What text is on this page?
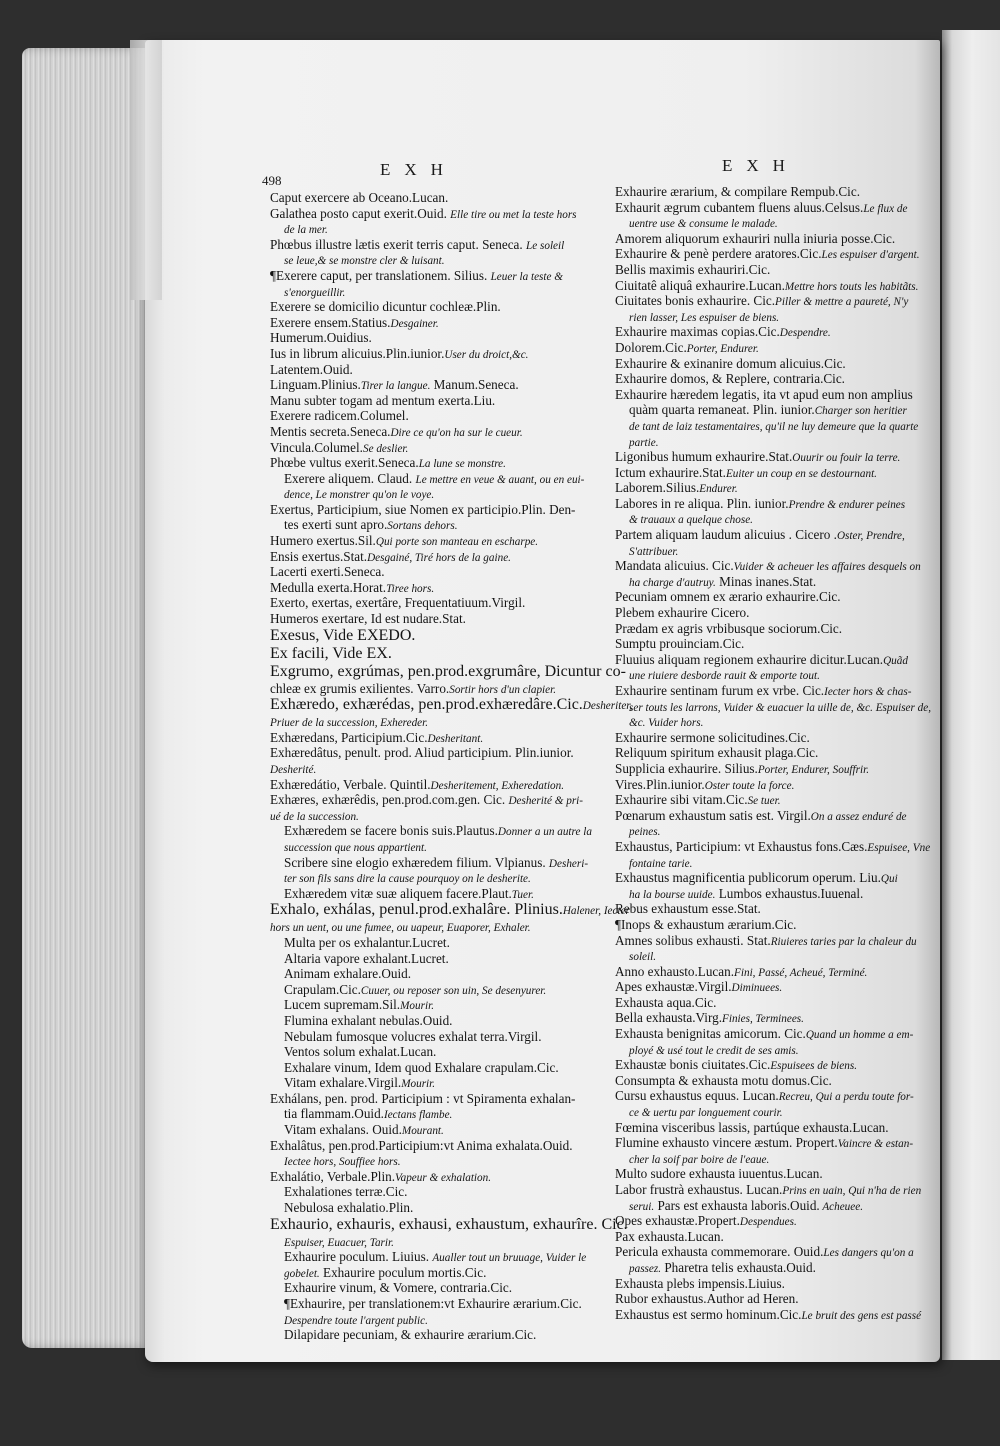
498
EXH	EXH
Caput exercere ab Oceano.Lucan.
Galathea posto caput exerit.Ouid. Elle tire ou met la teste hors
de la mer.
Phœbus illustre lætis exerit terris caput. Seneca. Le soleil
se leue,& se monstre cler & luisant.
¶Exerere caput, per translationem. Silius. Leuer la teste &
s'enorgueillir.
Exerere se domicilio dicuntur cochleæ.Plin.
Exerere ensem.Statius.Desgainer.
Humerum.Ouidius.
Ius in librum alicuius.Plin.iunior.User du droict,&c.
Latentem.Ouid.
Linguam.Plinius.Tirer la langue. Manum.Seneca.
Manu subter togam ad mentum exerta.Liu.
Exerere radicem.Columel.
Mentis secreta.Seneca.Dire ce qu'on ha sur le cueur.
Vincula.Columel.Se deslier.
Phœbe vultus exerit.Seneca.La lune se monstre.
Exerere aliquem. Claud. Le mettre en veue & auant, ou en eui-
dence, Le monstrer qu'on le voye.
Exertus, Participium, siue Nomen ex participio.Plin. Den-
tes exerti sunt apro.Sortans dehors.
Humero exertus.Sil.Qui porte son manteau en escharpe.
Ensis exertus.Stat.Desgainé, Tiré hors de la gaine.
Lacerti exerti.Seneca.
Medulla exerta.Horat.Tiree hors.
Exerto, exertas, exertâre, Frequentatiuum.Virgil.
Humeros exertare, Id est nudare.Stat.
Exesus, Vide EXEDO.
Ex facili, Vide EX.
Exgrumo, exgrúmas, pen.prod.exgrumâre, Dicuntur co-
chleæ ex grumis exilientes. Varro.Sortir hors d'un clapier.
Exhæredo, exhærédas, pen.prod.exhæredâre.Cic.Desheriter,
Priuer de la succession, Exhereder.
Exhæredans, Participium.Cic.Desheritant.
Exhæredâtus, penult. prod. Aliud participium. Plin.iunior.
Desherité.
Exhæredátio, Verbale. Quintil.Desheritement, Exheredation.
Exhæres, exhærêdis, pen.prod.com.gen. Cic. Desherité & pri-
ué de la succession.
Exhæredem se facere bonis suis.Plautus.Donner a un autre la
succession que nous appartient.
Scribere sine elogio exhæredem filium. Vlpianus. Desheri-
ter son fils sans dire la cause pourquoy on le desherite.
Exhæredem vitæ suæ aliquem facere.Plaut.Tuer.
Exhalo, exhálas, penul.prod.exhalâre. Plinius.Halener, Iecter
hors un uent, ou une fumee, ou uapeur, Euaporer, Exhaler.
Multa per os exhalantur.Lucret.
Altaria vapore exhalant.Lucret.
Animam exhalare.Ouid.
Crapulam.Cic.Cuuer, ou reposer son uin, Se desenyurer.
Lucem supremam.Sil.Mourir.
Flumina exhalant nebulas.Ouid.
Nebulam fumosque volucres exhalat terra.Virgil.
Ventos solum exhalat.Lucan.
Exhalare vinum, Idem quod Exhalare crapulam.Cic.
Vitam exhalare.Virgil.Mourir.
Exhálans, pen. prod. Participium : vt Spiramenta exhalan-
tia flammam.Ouid.Iectans flambe.
Vitam exhalans. Ouid.Mourant.
Exhalâtus, pen.prod.Participium:vt Anima exhalata.Ouid.
Iectee hors, Souffiee hors.
Exhalátio, Verbale.Plin.Vapeur & exhalation.
Exhalationes terræ.Cic.
Nebulosa exhalatio.Plin.
Exhaurio, exhauris, exhausi, exhaustum, exhaurîre. Cic.
Espuiser, Euacuer, Tarir.
Exhaurire poculum. Liuius. Aualler tout un bruuage, Vuider le
gobelet. Exhaurire poculum mortis.Cic.
Exhaurire vinum, & Vomere, contraria.Cic.
¶Exhaurire, per translationem:vt Exhaurire ærarium.Cic.
Despendre toute l'argent public.
Dilapidare pecuniam, & exhaurire ærarium.Cic.
Exhaurire ærarium, & compilare Rempub.Cic.
Exhaurit ægrum cubantem fluens aluus.Celsus.Le flux de
uentre use & consume le malade.
Amorem aliquorum exhauriri nulla iniuria posse.Cic.
Exhaurire & penè perdere aratores.Cic.Les espuiser d'argent.
Bellis maximis exhauriri.Cic.
Ciuitatê aliquâ exhaurire.Lucan.Mettre hors touts les habitãts.
Ciuitates bonis exhaurire. Cic.Piller & mettre a paureté, N'y
rien lasser, Les espuiser de biens.
Exhaurire maximas copias.Cic.Despendre.
Dolorem.Cic.Porter, Endurer.
Exhaurire & exinanire domum alicuius.Cic.
Exhaurire domos, & Replere, contraria.Cic.
Exhaurire hæredem legatis, ita vt apud eum non amplius
quàm quarta remaneat. Plin. iunior.Charger son heritier
de tant de laiz testamentaires, qu'il ne luy demeure que la quarte
partie.
Ligonibus humum exhaurire.Stat.Ouurir ou fouir la terre.
Ictum exhaurire.Stat.Euiter un coup en se destournant.
Laborem.Silius.Endurer.
Labores in re aliqua. Plin. iunior.Prendre & endurer peines
& trauaux a quelque chose.
Partem aliquam laudum alicuius . Cicero .Oster, Prendre,
S'attribuer.
Mandata alicuius. Cic.Vuider & acheuer les affaires desquels on
ha charge d'autruy. Minas inanes.Stat.
Pecuniam omnem ex ærario exhaurire.Cic.
Plebem exhaurire Cicero.
Prædam ex agris vrbibusque sociorum.Cic.
Sumptu prouinciam.Cic.
Fluuius aliquam regionem exhaurire dicitur.Lucan.Quãd
une riuiere desborde rauit & emporte tout.
Exhaurire sentinam furum ex vrbe. Cic.Iecter hors & chas-
ser touts les larrons, Vuider & euacuer la uille de, &c. Espuiser de,
&c. Vuider hors.
Exhaurire sermone solicitudines.Cic.
Reliquum spiritum exhausit plaga.Cic.
Supplicia exhaurire. Silius.Porter, Endurer, Souffrir.
Vires.Plin.iunior.Oster toute la force.
Exhaurire sibi vitam.Cic.Se tuer.
Pœnarum exhaustum satis est. Virgil.On a assez enduré de
peines.
Exhaustus, Participium: vt Exhaustus fons.Cæs.Espuisee, Vne
fontaine tarie.
Exhaustus magnificentia publicorum operum. Liu.Qui
ha la bourse uuide. Lumbos exhaustus.Iuuenal.
Rebus exhaustum esse.Stat.
¶Inops & exhaustum ærarium.Cic.
Amnes solibus exhausti. Stat.Riuieres taries par la chaleur du
soleil.
Anno exhausto.Lucan.Fini, Passé, Acheué, Terminé.
Apes exhaustæ.Virgil.Diminuees.
Exhausta aqua.Cic.
Bella exhausta.Virg.Finies, Terminees.
Exhausta benignitas amicorum. Cic.Quand un homme a em-
ployé & usé tout le credit de ses amis.
Exhaustæ bonis ciuitates.Cic.Espuisees de biens.
Consumpta & exhausta motu domus.Cic.
Cursu exhaustus equus. Lucan.Recreu, Qui a perdu toute for-
ce & uertu par longuement courir.
Fœmina visceribus lassis, partúque exhausta.Lucan.
Flumine exhausto vincere æstum. Propert.Vaincre & estan-
cher la soif par boire de l'eaue.
Multo sudore exhausta iuuentus.Lucan.
Labor frustrà exhaustus. Lucan.Prins en uain, Qui n'ha de rien
serui. Pars est exhausta laboris.Ouid. Acheuee.
Opes exhaustæ.Propert.Despendues.
Pax exhausta.Lucan.
Pericula exhausta commemorare. Ouid.Les dangers qu'on a
passez. Pharetra telis exhausta.Ouid.
Exhausta plebs impensis.Liuius.
Rubor exhaustus.Author ad Heren.
Exhaustus est sermo hominum.Cic.Le bruit des gens est passé
